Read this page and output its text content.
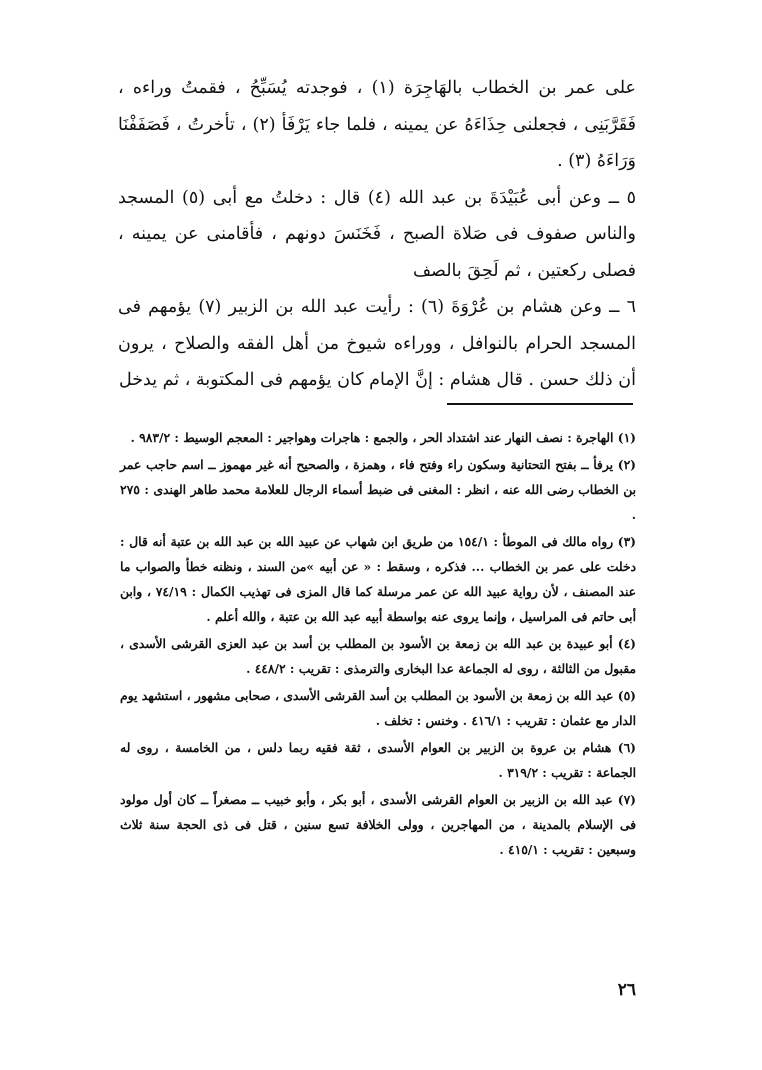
على عمر بن الخطاب بالهَاجِرَة (١) ، فوجدته يُسَبِّحُ ، فقمتُ وراءه ، فَقَرَّبَنِى ، فجعلنى حِذَاءَهُ عن يمينه ، فلما جاء يَرْفَأ (٢) ، تأخرتُ ، فَصَفَفْنَا وَرَاءَهُ (٣) .

٥ ــ وعن أبى عُبَيْدَةَ بن عبد الله (٤) قال : دخلتُ مع أبى (٥) المسجد والناس صفوف فى صَلاة الصبح ، فَخَنَسَ دونهم ، فأقامنى عن يمينه ، فصلى ركعتين ، ثم لَحِقَ بالصف

٦ ــ وعن هشام بن عُرْوَةَ (٦) : رأيت عبد الله بن الزبير (٧) يؤمهم فى المسجد الحرام بالنوافل ، ووراءه شيوخ من أهل الفقه والصلاح ، يرون أن ذلك حسن . قال هشام : إنَّ الإمام كان يؤمهم فى المكتوبة ، ثم يدخل

(١) الهاجرة : نصف النهار عند اشتداد الحر ، والجمع : هاجرات وهواجير : المعجم الوسيط : ٩٨٣/٢ .

(٢) يرفأ ــ بفتح التحتانية وسكون راء وفتح فاء ، وهمزة ، والصحيح أنه غير مهموز ــ اسم حاجب عمر بن الخطاب رضى الله عنه ، انظر : المغنى فى ضبط أسماء الرجال للعلامة محمد طاهر الهندى : ٢٧٥ .

(٣) رواه مالك فى الموطأ : ١٥٤/١ من طريق ابن شهاب عن عبيد الله بن عبد الله بن عتبة أنه قال : دخلت على عمر بن الخطاب ... فذكره ، وسقط : « عن أبيه »من السند ، ونظنه خطأ والصواب ما عند المصنف ، لأن رواية عبيد الله عن عمر مرسلة كما قال المزى فى تهذيب الكمال : ٧٤/١٩ ، وابن أبى حاتم فى المراسيل ، وإنما يروى عنه بواسطة أبيه عبد الله بن عتبة ، والله أعلم .

(٤) أبو عبيدة بن عبد الله بن زمعة بن الأسود بن المطلب بن أسد بن عبد العزى القرشى الأسدى ، مقبول من الثالثة ، روى له الجماعة عدا البخارى والترمذى : تقريب : ٤٤٨/٢ .

(٥) عبد الله بن زمعة بن الأسود بن المطلب بن أسد القرشى الأسدى ، صحابى مشهور ، استشهد يوم الدار مع عثمان : تقريب : ٤١٦/١ . وخنس : تخلف .

(٦) هشام بن عروة بن الزبير بن العوام الأسدى ، ثقة فقيه ربما دلس ، من الخامسة ، روى له الجماعة : تقريب : ٣١٩/٢ .

(٧) عبد الله بن الزبير بن العوام القرشى الأسدى ، أبو بكر ، وأبو خبيب ــ مصغراً ــ كان أول مولود فى الإسلام بالمدينة ، من المهاجرين ، وولى الخلافة تسع سنين ، قتل فى ذى الحجة سنة ثلاث وسبعين : تقريب : ٤١٥/١ .

٢٦
